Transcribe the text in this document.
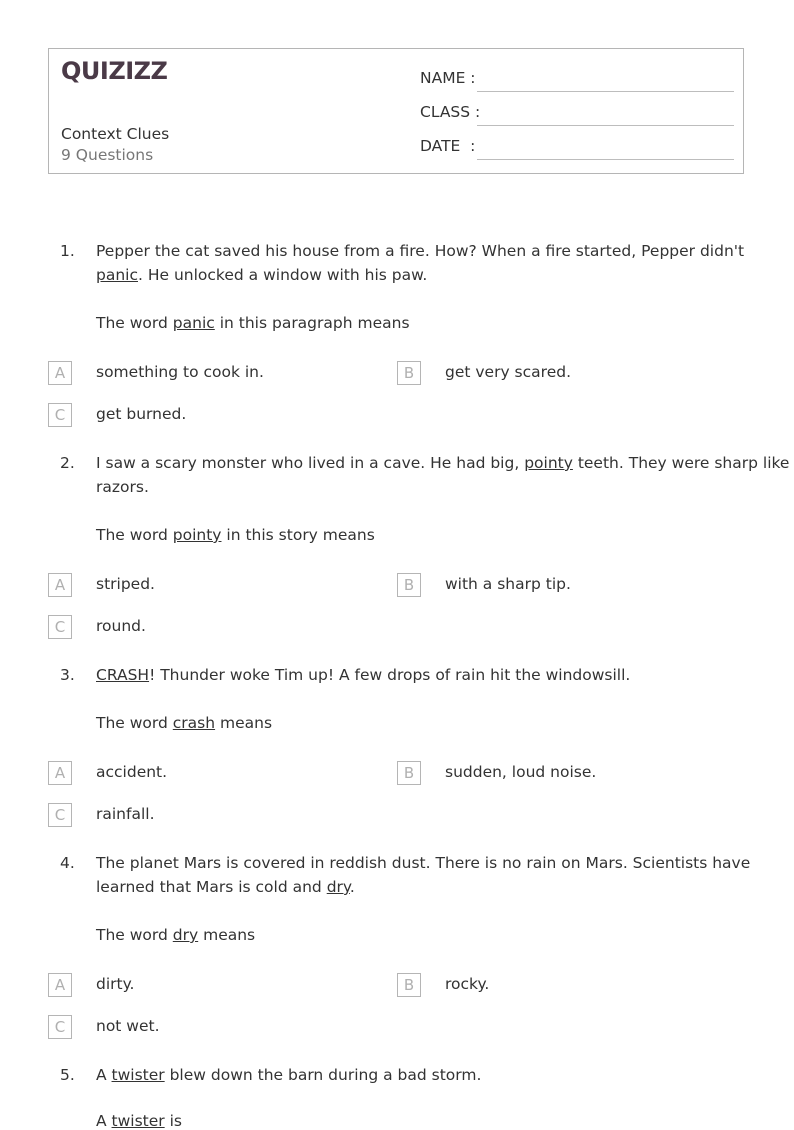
QUIZIZZ
Context Clues
9 Questions
NAME :
CLASS :
DATE  :
1. Pepper the cat saved his house from a fire. How? When a fire started, Pepper didn't
panic. He unlocked a window with his paw.
The word panic in this paragraph means
A	something to cook in.	B	get very scared.
C	get burned.
2. I saw a scary monster who lived in a cave. He had big, pointy teeth. They were sharp like
razors.
The word pointy in this story means
A	striped.	B	with a sharp tip.
C	round.
3. CRASH! Thunder woke Tim up! A few drops of rain hit the windowsill.
The word crash means
A	accident.	B	sudden, loud noise.
C	rainfall.
4. The planet Mars is covered in reddish dust. There is no rain on Mars. Scientists have
learned that Mars is cold and dry.
The word dry means
A	dirty.	B	rocky.
C	not wet.
5. A twister blew down the barn during a bad storm.
A twister is
